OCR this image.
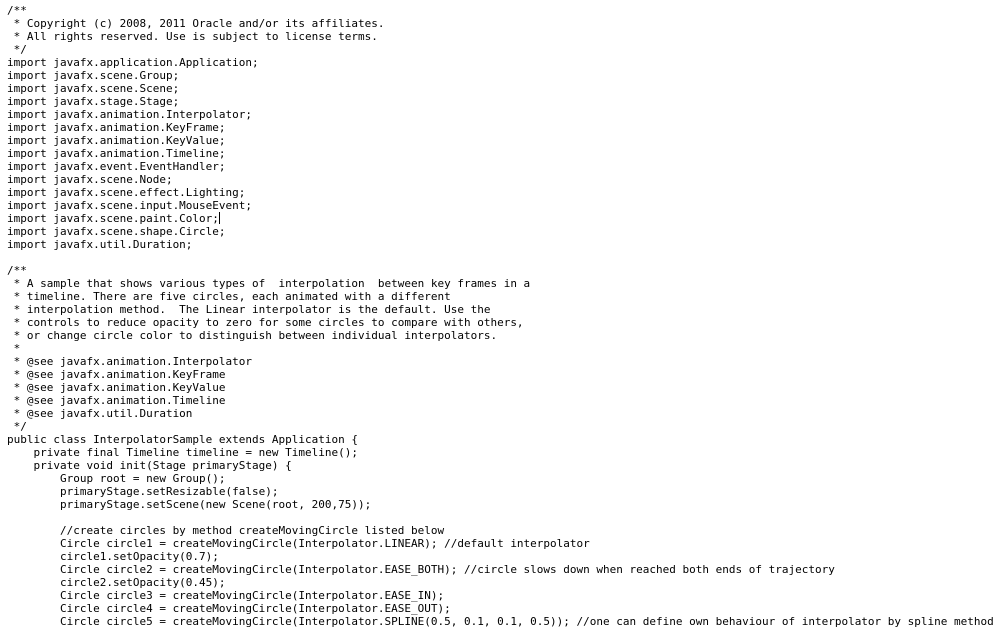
/**
* Copyright (c) 2008, 2011 Oracle and/or its affiliates.
* All rights reserved. Use is subject to license terms.
*/
import javafx.application.Application;
import javafx.scene.Group;
import javafx.scene.Scene;
import javafx.stage.Stage;
import javafx.animation.Interpolator;
import javafx.animation.KeyFrame;
import javafx.animation.KeyValue;
import javafx.animation.Timeline;
import javafx.event.EventHandler;
import javafx.scene.Node;
import javafx.scene.effect.Lighting;
import javafx.scene.input.MouseEvent;
import javafx.scene.paint.Color;
import javafx.scene.shape.Circle;
import javafx.util.Duration;
/**
* A sample that shows various types of  interpolation  between key frames in a
* timeline. There are five circles, each animated with a different
* interpolation method.  The Linear interpolator is the default. Use the
* controls to reduce opacity to zero for some circles to compare with others,
* or change circle color to distinguish between individual interpolators.
*
* @see javafx.animation.Interpolator
* @see javafx.animation.KeyFrame
* @see javafx.animation.KeyValue
* @see javafx.animation.Timeline
* @see javafx.util.Duration
*/
public class InterpolatorSample extends Application {
private final Timeline timeline = new Timeline();
private void init(Stage primaryStage) {
Group root = new Group();
primaryStage.setResizable(false);
primaryStage.setScene(new Scene(root, 200,75));
//create circles by method createMovingCircle listed below
Circle circle1 = createMovingCircle(Interpolator.LINEAR); //default interpolator
circle1.setOpacity(0.7);
Circle circle2 = createMovingCircle(Interpolator.EASE_BOTH); //circle slows down when reached both ends of trajectory
circle2.setOpacity(0.45);
Circle circle3 = createMovingCircle(Interpolator.EASE_IN);
Circle circle4 = createMovingCircle(Interpolator.EASE_OUT);
Circle circle5 = createMovingCircle(Interpolator.SPLINE(0.5, 0.1, 0.1, 0.5)); //one can define own behaviour of interpolator by spline method
